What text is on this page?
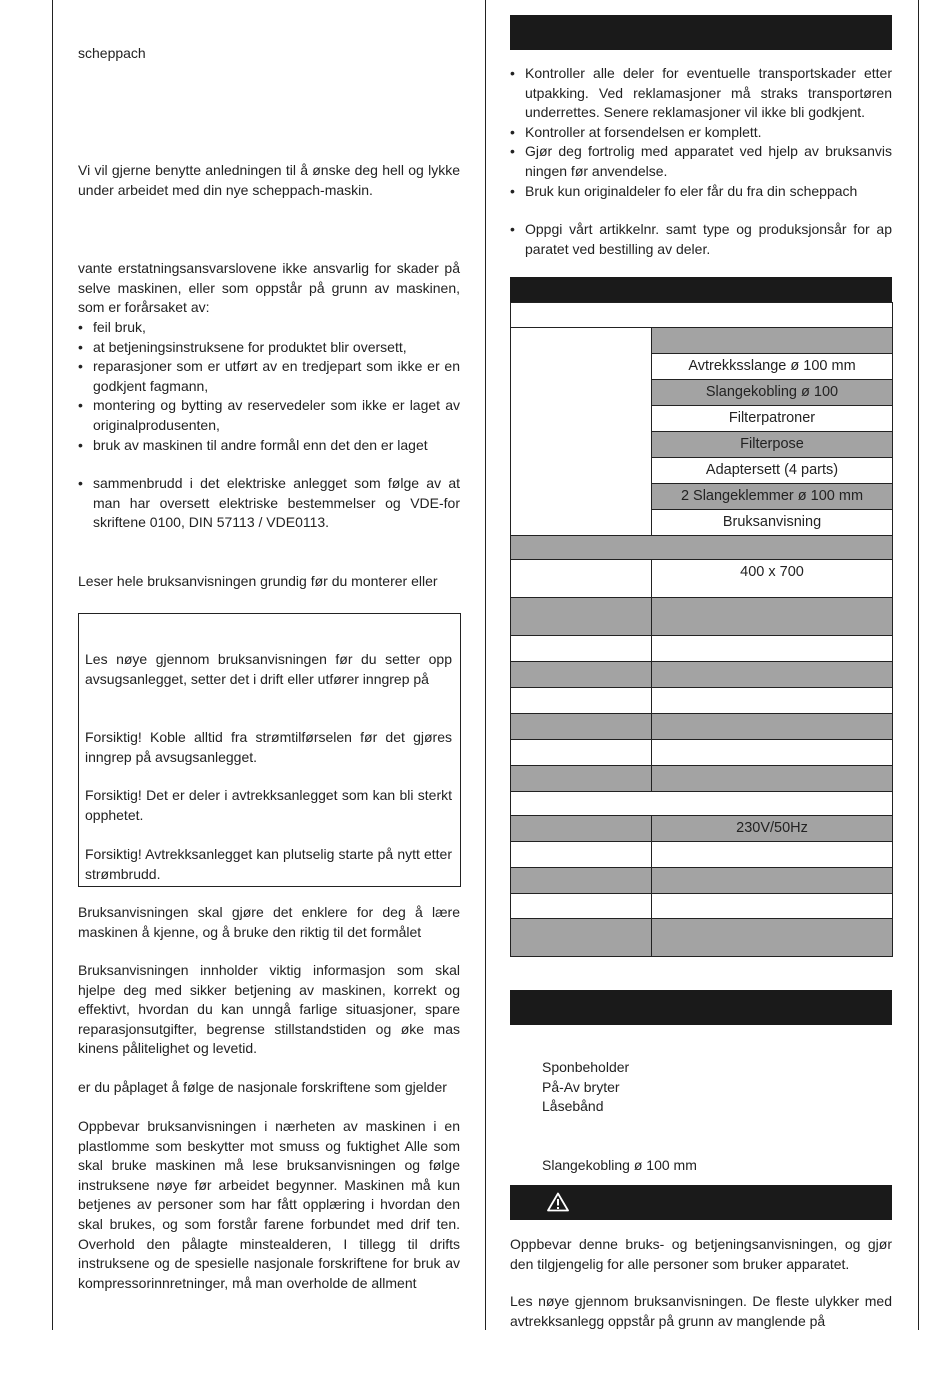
scheppach

Vi vil gjerne benytte anledningen til å ønske deg hell og lykke under arbeidet med din nye scheppach-maskin.

vante erstatningsansvarslovene ikke ansvarlig for skader på selve maskinen, eller som oppstår på grunn av maskinen, som er forårsaket av:

• feil bruk,
• at betjeningsinstruksene for produktet blir oversett,
• reparasjoner som er utført av en tredjepart som ikke er en godkjent fagmann,
• montering og bytting av reservedeler som ikke er laget av originalprodusenten,
• bruk av maskinen til andre formål enn det den er laget
• sammenbrudd i det elektriske anlegget som følge av at man har oversett elektriske bestemmelser og VDE-for skriftene 0100, DIN 57113 / VDE0113.

Leser hele bruksanvisningen grundig før du monterer eller

Bruksanvisningen skal gjøre det enklere for deg å lære maskinen å kjenne, og å bruke den riktig til det formålet

Bruksanvisningen innholder viktig informasjon som skal hjelpe deg med sikker betjening av maskinen, korrekt og effektivt, hvordan du kan unngå farlige situasjoner, spare reparasjonsutgifter, begrense stillstandstiden og øke mas kinens pålitelighet og levetid.

er du påplaget å følge de nasjonale forskriftene som gjelder

Oppbevar bruksanvisningen i nærheten av maskinen i en plastlomme som beskytter mot smuss og fuktighet Alle som skal bruke maskinen må lese bruksanvisningen og følge instruksene nøye før arbeidet begynner. Maskinen må kun betjenes av personer som har fått opplæring i hvordan den skal brukes, og som forstår farene forbundet med drif ten. Overhold den pålagte minstealderen, I tillegg til drifts instruksene og de spesielle nasjonale forskriftene for bruk av kompressorinnretninger, må man overholde de allment

Les nøye gjennom bruksanvisningen før du setter opp avsugsanlegget, setter det i drift eller utfører inngrep på

Forsiktig! Koble alltid fra strømtilførselen før det gjøres inngrep på avsugsanlegget.

Forsiktig! Det er deler i avtrekksanlegget som kan bli sterkt opphetet.

Forsiktig! Avtrekksanlegget kan plutselig starte på nytt etter strømbrudd.

• Kontroller alle deler for eventuelle transportskader etter utpakking. Ved reklamasjoner må straks transportøren underrettes. Senere reklamasjoner vil ikke bli godkjent.
• Kontroller at forsendelsen er komplett.
• Gjør deg fortrolig med apparatet ved hjelp av bruksanvis ningen før anvendelse.
• Bruk kun originaldeler fo eler får du fra din scheppach
• Oppgi vårt artikkelnr. samt type og produksjonsår for ap paratet ved bestilling av deler.

	Avtrekksslange ø 100 mm
	Slangekobling ø 100
	Filterpatroner
	Filterpose
	Adaptersett (4 parts)
	2 Slangeklemmer ø 100 mm
	Bruksanvisning

	400 x 700

	230V/50Hz

Sponbeholder
På-Av bryter
Låsebånd
Slangekobling ø 100 mm

Oppbevar denne bruks- og betjeningsanvisningen, og gjør den tilgjengelig for alle personer som bruker apparatet.

Les nøye gjennom bruksanvisningen. De fleste ulykker med avtrekksanlegg oppstår på grunn av manglende på
